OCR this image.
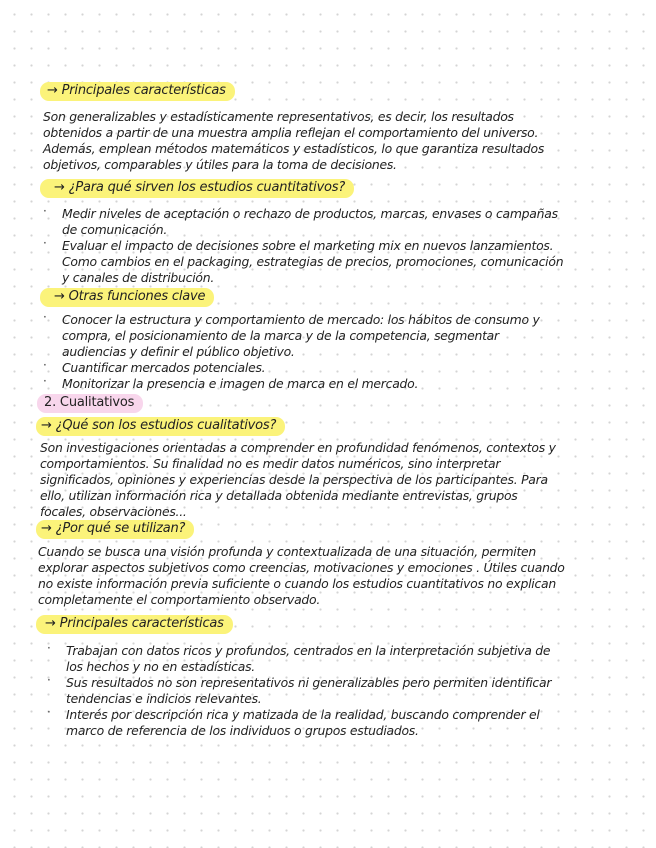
→ Principales características
Son generalizables y estadísticamente representativos, es decir, los resultados
obtenidos a partir de una muestra amplia reflejan el comportamiento del universo.
Además, emplean métodos matemáticos y estadísticos, lo que garantiza resultados
objetivos, comparables y útiles para la toma de decisiones.
→ ¿Para qué sirven los estudios cuantitativos?
· Medir niveles de aceptación o rechazo de productos, marcas, envases o campañas
de comunicación.
· Evaluar el impacto de decisiones sobre el marketing mix en nuevos lanzamientos.
Como cambios en el packaging, estrategias de precios, promociones, comunicación
y canales de distribución.
→ Otras funciones clave
· Conocer la estructura y comportamiento de mercado: los hábitos de consumo y
compra, el posicionamiento de la marca y de la competencia, segmentar
audiencias y definir el público objetivo.
· Cuantificar mercados potenciales.
· Monitorizar la presencia e imagen de marca en el mercado.
2. Cualitativos
→ ¿Qué son los estudios cualitativos?
Son investigaciones orientadas a comprender en profundidad fenómenos, contextos y
comportamientos. Su finalidad no es medir datos numéricos, sino interpretar
significados, opiniones y experiencias desde la perspectiva de los participantes. Para
ello, utilizan información rica y detallada obtenida mediante entrevistas, grupos
focales, observaciones...
→ ¿Por qué se utilizan?
Cuando se busca una visión profunda y contextualizada de una situación, permiten
explorar aspectos subjetivos como creencias, motivaciones y emociones . Útiles cuando
no existe información previa suficiente o cuando los estudios cuantitativos no explican
completamente el comportamiento observado.
→ Principales características
· Trabajan con datos ricos y profundos, centrados en la interpretación subjetiva de
los hechos y no en estadísticas.
· Sus resultados no son representativos ni generalizables pero permiten identificar
tendencias e indicios relevantes.
· Interés por descripción rica y matizada de la realidad, buscando comprender el
marco de referencia de los individuos o grupos estudiados.
